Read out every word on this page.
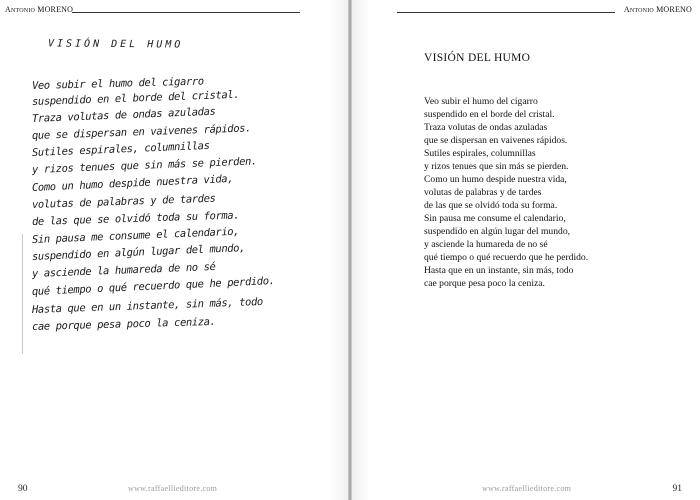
Antonio MORENO
VISIÓN DEL HUMO
Veo subir el humo del cigarro
suspendido en el borde del cristal.
Traza volutas de ondas azuladas
que se dispersan en vaivenes rápidos.
Sutiles espirales, columnillas
y rizos tenues que sin más se pierden.
Como un humo despide nuestra vida,
volutas de palabras y de tardes
de las que se olvidó toda su forma.
Sin pausa me consume el calendario,
suspendido en algún lugar del mundo,
y asciende la humareda de no sé
qué tiempo o qué recuerdo que he perdido.
Hasta que en un instante, sin más, todo
cae porque pesa poco la ceniza.
90	www.raffaellieditore.com
Antonio MORENO
91
www.raffaellieditore.com
VISIÓN DEL HUMO
Veo subir el humo del cigarro
suspendido en el borde del cristal.
Traza volutas de ondas azuladas
que se dispersan en vaivenes rápidos.
Sutiles espirales, columnillas
y rizos tenues que sin más se pierden.
Como un humo despide nuestra vida,
volutas de palabras y de tardes
de las que se olvidó toda su forma.
Sin pausa me consume el calendario,
suspendido en algún lugar del mundo,
y asciende la humareda de no sé
qué tiempo o qué recuerdo que he perdido.
Hasta que en un instante, sin más, todo
cae porque pesa poco la ceniza.
